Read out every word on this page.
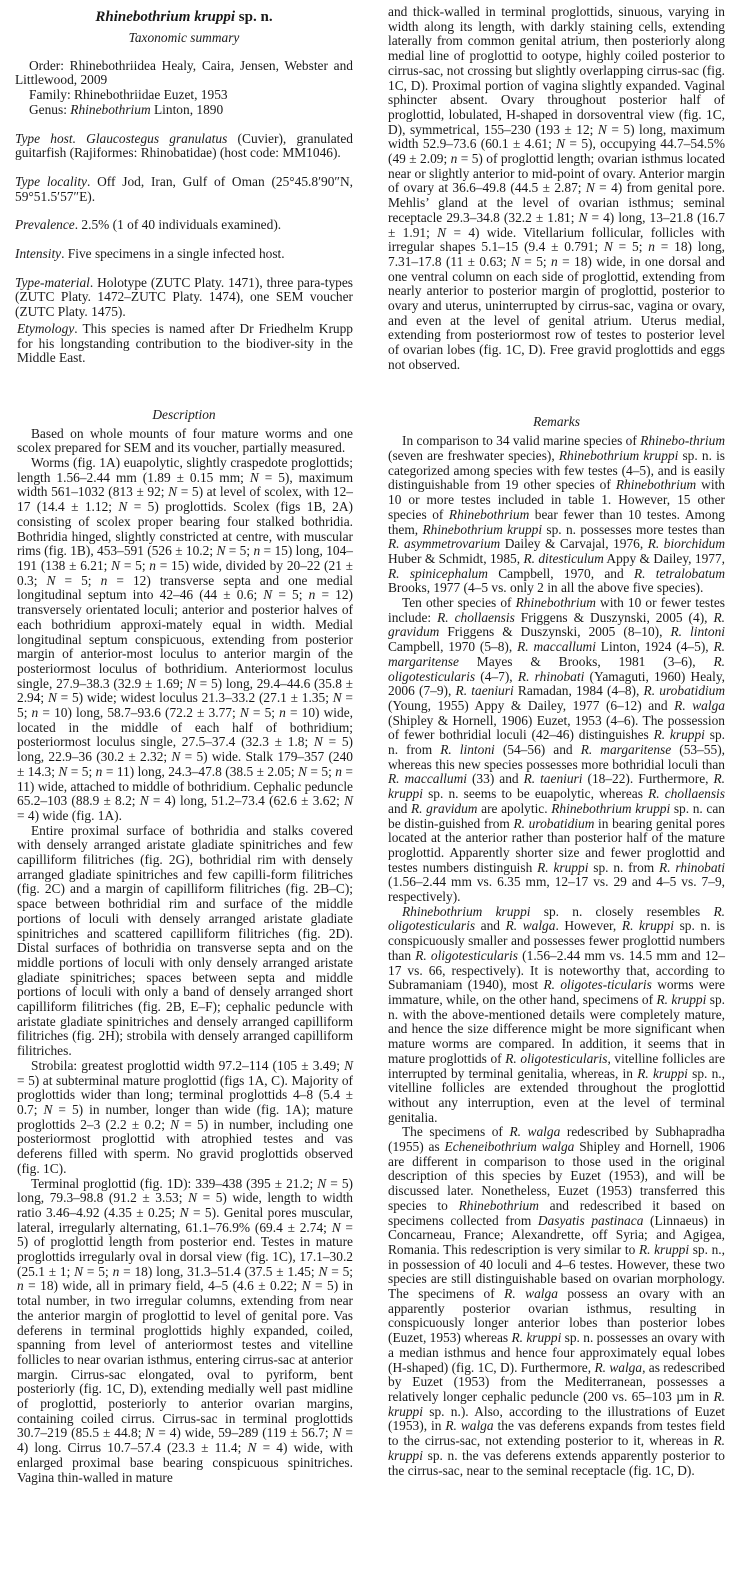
Rhinebothrium kruppi sp. n.
Taxonomic summary

Order: Rhinebothriidea Healy, Caira, Jensen, Webster and Littlewood, 2009

Family: Rhinebothriidae Euzet, 1953

Genus: Rhinebothrium Linton, 1890

Type host. Glaucostegus granulatus (Cuvier), granulated guitarfish (Rajiformes: Rhinobatidae) (host code: MM1046).

Type locality. Off Jod, Iran, Gulf of Oman (25°45.8′90″N, 59°51.5′57″E).

Prevalence. 2.5% (1 of 40 individuals examined).

Intensity. Five specimens in a single infected host.

Type-material. Holotype (ZUTC Platy. 1471), three para-types (ZUTC Platy. 1472–ZUTC Platy. 1474), one SEM voucher (ZUTC Platy. 1475).

Etymology. This species is named after Dr Friedhelm Krupp for his longstanding contribution to the biodiver-sity in the Middle East.

Description

Based on whole mounts of four mature worms and one scolex prepared for SEM and its voucher, partially measured.

Worms (fig. 1A) euapolytic, slightly craspedote proglottids; length 1.56–2.44 mm (1.89 ± 0.15 mm; N = 5), maximum width 561–1032 (813 ± 92; N = 5) at level of scolex, with 12–17 (14.4 ± 1.12; N = 5) proglottids. Scolex (figs 1B, 2A) consisting of scolex proper bearing four stalked bothridia. Bothridia hinged, slightly constricted at centre, with muscular rims (fig. 1B), 453–591 (526 ± 10.2; N = 5; n = 15) long, 104–191 (138 ± 6.21; N = 5; n = 15) wide, divided by 20–22 (21 ± 0.3; N = 5; n = 12) transverse septa and one medial longitudinal septum into 42–46 (44 ± 0.6; N = 5; n = 12) transversely orientated loculi; anterior and posterior halves of each bothridium approxi-mately equal in width. Medial longitudinal septum conspicuous, extending from posterior margin of anterior-most loculus to anterior margin of the posteriormost loculus of bothridium. Anteriormost loculus single, 27.9–38.3 (32.9 ± 1.69; N = 5) long, 29.4–44.6 (35.8 ± 2.94; N = 5) wide; widest loculus 21.3–33.2 (27.1 ± 1.35; N = 5; n = 10) long, 58.7–93.6 (72.2 ± 3.77; N = 5; n = 10) wide, located in the middle of each half of bothridium; posteriormost loculus single, 27.5–37.4 (32.3 ± 1.8; N = 5) long, 22.9–36 (30.2 ± 2.32; N = 5) wide. Stalk 179–357 (240 ± 14.3; N = 5; n = 11) long, 24.3–47.8 (38.5 ± 2.05; N = 5; n = 11) wide, attached to middle of bothridium. Cephalic peduncle 65.2–103 (88.9 ± 8.2; N = 4) long, 51.2–73.4 (62.6 ± 3.62; N = 4) wide (fig. 1A).

Entire proximal surface of bothridia and stalks covered with densely arranged aristate gladiate spinitriches and few capilliform filitriches (fig. 2G), bothridial rim with densely arranged gladiate spinitriches and few capilli-form filitriches (fig. 2C) and a margin of capilliform filitriches (fig. 2B–C); space between bothridial rim and surface of the middle portions of loculi with densely arranged aristate gladiate spinitriches and scattered capilliform filitriches (fig. 2D). Distal surfaces of bothridia on transverse septa and on the middle portions of loculi with only densely arranged aristate gladiate spinitriches; spaces between septa and middle portions of loculi with only a band of densely arranged short capilliform filitriches (fig. 2B, E–F); cephalic peduncle with aristate gladiate spinitriches and densely arranged capilliform filitriches (fig. 2H); strobila with densely arranged capilliform filitriches.

Strobila: greatest proglottid width 97.2–114 (105 ± 3.49; N = 5) at subterminal mature proglottid (figs 1A, C). Majority of proglottids wider than long; terminal proglottids 4–8 (5.4 ± 0.7; N = 5) in number, longer than wide (fig. 1A); mature proglottids 2–3 (2.2 ± 0.2; N = 5) in number, including one posteriormost proglottid with atrophied testes and vas deferens filled with sperm. No gravid proglottids observed (fig. 1C).

Terminal proglottid (fig. 1D): 339–438 (395 ± 21.2; N = 5) long, 79.3–98.8 (91.2 ± 3.53; N = 5) wide, length to width ratio 3.46–4.92 (4.35 ± 0.25; N = 5). Genital pores muscular, lateral, irregularly alternating, 61.1–76.9% (69.4 ± 2.74; N = 5) of proglottid length from posterior end. Testes in mature proglottids irregularly oval in dorsal view (fig. 1C), 17.1–30.2 (25.1 ± 1; N = 5; n = 18) long, 31.3–51.4 (37.5 ± 1.45; N = 5; n = 18) wide, all in primary field, 4–5 (4.6 ± 0.22; N = 5) in total number, in two irregular columns, extending from near the anterior margin of proglottid to level of genital pore. Vas deferens in terminal proglottids highly expanded, coiled, spanning from level of anteriormost testes and vitelline follicles to near ovarian isthmus, entering cirrus-sac at anterior margin. Cirrus-sac elongated, oval to pyriform, bent posteriorly (fig. 1C, D), extending medially well past midline of proglottid, posteriorly to anterior ovarian margins, containing coiled cirrus. Cirrus-sac in terminal proglottids 30.7–219 (85.5 ± 44.8; N = 4) wide, 59–289 (119 ± 56.7; N = 4) long. Cirrus 10.7–57.4 (23.3 ± 11.4; N = 4) wide, with enlarged proximal base bearing conspicuous spinitriches. Vagina thin-walled in mature

and thick-walled in terminal proglottids, sinuous, varying in width along its length, with darkly staining cells, extending laterally from common genital atrium, then posteriorly along medial line of proglottid to ootype, highly coiled posterior to cirrus-sac, not crossing but slightly overlapping cirrus-sac (fig. 1C, D). Proximal portion of vagina slightly expanded. Vaginal sphincter absent. Ovary throughout posterior half of proglottid, lobulated, H-shaped in dorsoventral view (fig. 1C, D), symmetrical, 155–230 (193 ± 12; N = 5) long, maximum width 52.9–73.6 (60.1 ± 4.61; N = 5), occupying 44.7–54.5% (49 ± 2.09; n = 5) of proglottid length; ovarian isthmus located near or slightly anterior to mid-point of ovary. Anterior margin of ovary at 36.6–49.8 (44.5 ± 2.87; N = 4) from genital pore. Mehlis’ gland at the level of ovarian isthmus; seminal receptacle 29.3–34.8 (32.2 ± 1.81; N = 4) long, 13–21.8 (16.7 ± 1.91; N = 4) wide. Vitellarium follicular, follicles with irregular shapes 5.1–15 (9.4 ± 0.791; N = 5; n = 18) long, 7.31–17.8 (11 ± 0.63; N = 5; n = 18) wide, in one dorsal and one ventral column on each side of proglottid, extending from nearly anterior to posterior margin of proglottid, posterior to ovary and uterus, uninterrupted by cirrus-sac, vagina or ovary, and even at the level of genital atrium. Uterus medial, extending from posteriormost row of testes to posterior level of ovarian lobes (fig. 1C, D). Free gravid proglottids and eggs not observed.

Remarks

In comparison to 34 valid marine species of Rhinebo-thrium (seven are freshwater species), Rhinebothrium kruppi sp. n. is categorized among species with few testes (4–5), and is easily distinguishable from 19 other species of Rhinebothrium with 10 or more testes included in table 1. However, 15 other species of Rhinebothrium bear fewer than 10 testes. Among them, Rhinebothrium kruppi sp. n. possesses more testes than R. asymmetrovarium Dailey & Carvajal, 1976, R. biorchidum Huber & Schmidt, 1985, R. ditesticulum Appy & Dailey, 1977, R. spinicephalum Campbell, 1970, and R. tetralobatum Brooks, 1977 (4–5 vs. only 2 in all the above five species).

Ten other species of Rhinebothrium with 10 or fewer testes include: R. chollaensis Friggens & Duszynski, 2005 (4), R. gravidum Friggens & Duszynski, 2005 (8–10), R. lintoni Campbell, 1970 (5–8), R. maccallumi Linton, 1924 (4–5), R. margaritense Mayes & Brooks, 1981 (3–6), R. oligotesticularis (4–7), R. rhinobati (Yamaguti, 1960) Healy, 2006 (7–9), R. taeniuri Ramadan, 1984 (4–8), R. urobatidium (Young, 1955) Appy & Dailey, 1977 (6–12) and R. walga (Shipley & Hornell, 1906) Euzet, 1953 (4–6). The possession of fewer bothridial loculi (42–46) distinguishes R. kruppi sp. n. from R. lintoni (54–56) and R. margaritense (53–55), whereas this new species possesses more bothridial loculi than R. maccallumi (33) and R. taeniuri (18–22). Furthermore, R. kruppi sp. n. seems to be euapolytic, whereas R. chollaensis and R. gravidum are apolytic. Rhinebothrium kruppi sp. n. can be distin-guished from R. urobatidium in bearing genital pores located at the anterior rather than posterior half of the mature proglottid. Apparently shorter size and fewer proglottid and testes numbers distinguish R. kruppi sp. n. from R. rhinobati (1.56–2.44 mm vs. 6.35 mm, 12–17 vs. 29 and 4–5 vs. 7–9, respectively).

Rhinebothrium kruppi sp. n. closely resembles R. oligotesticularis and R. walga. However, R. kruppi sp. n. is conspicuously smaller and possesses fewer proglottid numbers than R. oligotesticularis (1.56–2.44 mm vs. 14.5 mm and 12–17 vs. 66, respectively). It is noteworthy that, according to Subramaniam (1940), most R. oligotes-ticularis worms were immature, while, on the other hand, specimens of R. kruppi sp. n. with the above-mentioned details were completely mature, and hence the size difference might be more significant when mature worms are compared. In addition, it seems that in mature proglottids of R. oligotesticularis, vitelline follicles are interrupted by terminal genitalia, whereas, in R. kruppi sp. n., vitelline follicles are extended throughout the proglottid without any interruption, even at the level of terminal genitalia.

The specimens of R. walga redescribed by Subhapradha (1955) as Echeneibothrium walga Shipley and Hornell, 1906 are different in comparison to those used in the original description of this species by Euzet (1953), and will be discussed later. Nonetheless, Euzet (1953) transferred this species to Rhinebothrium and redescribed it based on specimens collected from Dasyatis pastinaca (Linnaeus) in Concarneau, France; Alexandrette, off Syria; and Agigea, Romania. This redescription is very similar to R. kruppi sp. n., in possession of 40 loculi and 4–6 testes. However, these two species are still distinguishable based on ovarian morphology. The specimens of R. walga possess an ovary with an apparently posterior ovarian isthmus, resulting in conspicuously longer anterior lobes than posterior lobes (Euzet, 1953) whereas R. kruppi sp. n. possesses an ovary with a median isthmus and hence four approximately equal lobes (H-shaped) (fig. 1C, D). Furthermore, R. walga, as redescribed by Euzet (1953) from the Mediterranean, possesses a relatively longer cephalic peduncle (200 vs. 65–103 µm in R. kruppi sp. n.). Also, according to the illustrations of Euzet (1953), in R. walga the vas deferens expands from testes field to the cirrus-sac, not extending posterior to it, whereas in R. kruppi sp. n. the vas deferens extends apparently posterior to the cirrus-sac, near to the seminal receptacle (fig. 1C, D).
